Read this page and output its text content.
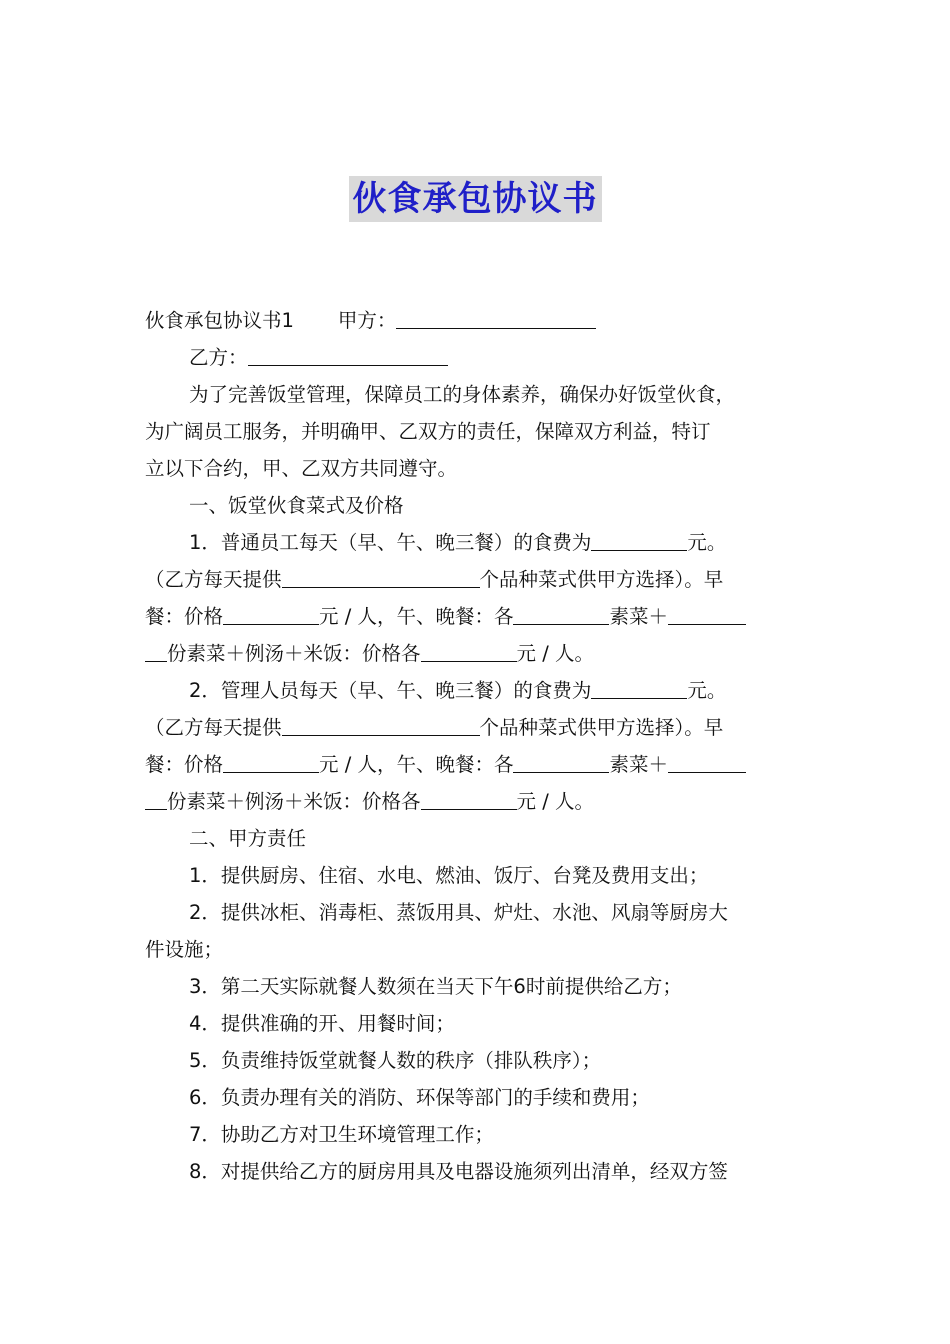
伙食承包协议书
伙食承包协议书1 甲方：
乙方：
为了完善饭堂管理，保障员工的身体素养，确保办好饭堂伙食，
为广阔员工服务，并明确甲、乙双方的责任，保障双方利益，特订
立以下合约，甲、乙双方共同遵守。
一、饭堂伙食菜式及价格
1．普通员工每天（早、午、晚三餐）的食费为	元。
（乙方每天提供	个品种菜式供甲方选择）。早
餐：价格	元 / 人，午、晚餐：各	素菜＋
份素菜＋例汤＋米饭：价格各	元 / 人。
2．管理人员每天（早、午、晚三餐）的食费为	元。
（乙方每天提供	个品种菜式供甲方选择）。早
餐：价格	元 / 人，午、晚餐：各	素菜＋
份素菜＋例汤＋米饭：价格各	元 / 人。
二、甲方责任
1．提供厨房、住宿、水电、燃油、饭厅、台凳及费用支出；
2．提供冰柜、消毒柜、蒸饭用具、炉灶、水池、风扇等厨房大
件设施；
3．第二天实际就餐人数须在当天下午6时前提供给乙方；
4．提供准确的开、用餐时间；
5．负责维持饭堂就餐人数的秩序（排队秩序）；
6．负责办理有关的消防、环保等部门的手续和费用；
7．协助乙方对卫生环境管理工作；
8．对提供给乙方的厨房用具及电器设施须列出清单，经双方签
